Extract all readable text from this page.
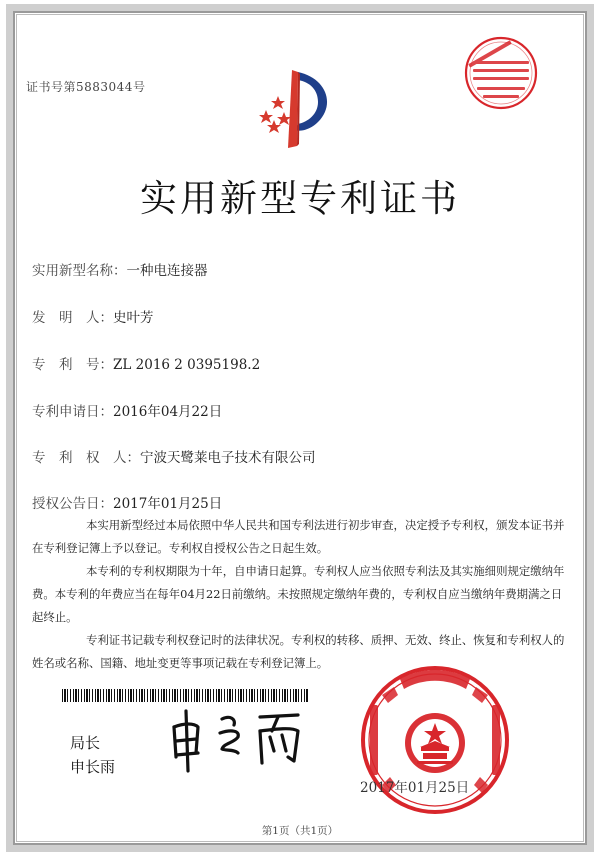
证书号第5883044号
实用新型专利证书
实用新型名称：一种电连接器
发　明　人：史叶芳
专　利　号：ZL 2016 2 0395198.2
专利申请日：2016年04月22日
专　利　权　人：宁波天鹭莱电子技术有限公司
授权公告日：2017年01月25日

本实用新型经过本局依照中华人民共和国专利法进行初步审查，决定授予专利权，颁发本证书并在专利登记簿上予以登记。专利权自授权公告之日起生效。

本专利的专利权期限为十年，自申请日起算。专利权人应当依照专利法及其实施细则规定缴纳年费。本专利的年费应当在每年04月22日前缴纳。未按照规定缴纳年费的，专利权自应当缴纳年费期满之日起终止。

专利证书记载专利权登记时的法律状况。专利权的转移、质押、无效、终止、恢复和专利权人的姓名或名称、国籍、地址变更等事项记载在专利登记簿上。

局长
申长雨
2017年01月25日
第1页（共1页）
